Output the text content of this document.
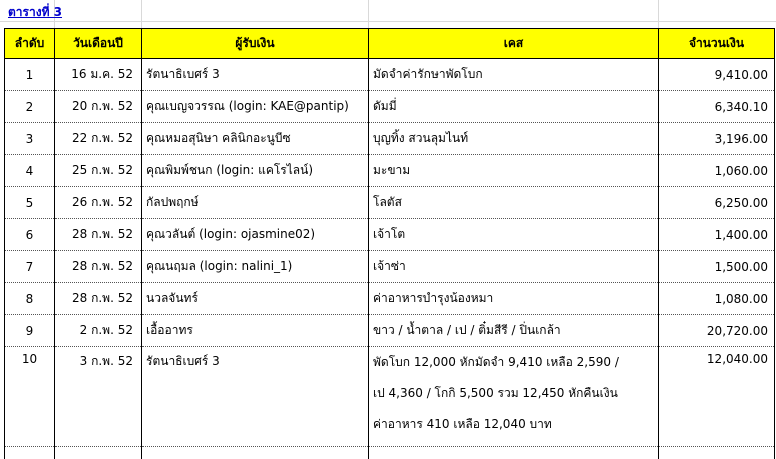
ตารางที่ 3
ลำดับ	วันเดือนปี	ผู้รับเงิน	เคส	จำนวนเงิน
1	16 ม.ค. 52	รัตนาธิเบศร์ 3	มัดจำค่ารักษาพัดโบก	9,410.00
2	20 ก.พ. 52	คุณเบญจวรรณ (login: KAE@pantip)	ดัมมี่	6,340.10
3	22 ก.พ. 52	คุณหมอสุนิษา คลินิกอะนูบีซ	บุญทิ้ง สวนลุมไนท์	3,196.00
4	25 ก.พ. 52	คุณพิมพ์ชนก (login: แคโรไลน์)	มะขาม	1,060.00
5	26 ก.พ. 52	กัลปพฤกษ์	โลตัส	6,250.00
6	28 ก.พ. 52	คุณวลันต์ (login: ojasmine02)	เจ้าโต	1,400.00
7	28 ก.พ. 52	คุณนฤมล (login: nalini_1)	เจ้าซ่า	1,500.00
8	28 ก.พ. 52	นวลจันทร์	ค่าอาหารบำรุงน้องหมา	1,080.00
9	2 ก.พ. 52	เอื้ออาทร	ขาว / น้ำตาล / เป / ติ๋มสีรี / ปิ่นเกล้า	20,720.00
10	3 ก.พ. 52	รัตนาธิเบศร์ 3	พัดโบก 12,000 หักมัดจำ 9,410 เหลือ 2,590 /
เป 4,360 / โกกิ 5,500 รวม 12,450 หักคืนเงิน
ค่าอาหาร 410 เหลือ 12,040 บาท	12,040.00
